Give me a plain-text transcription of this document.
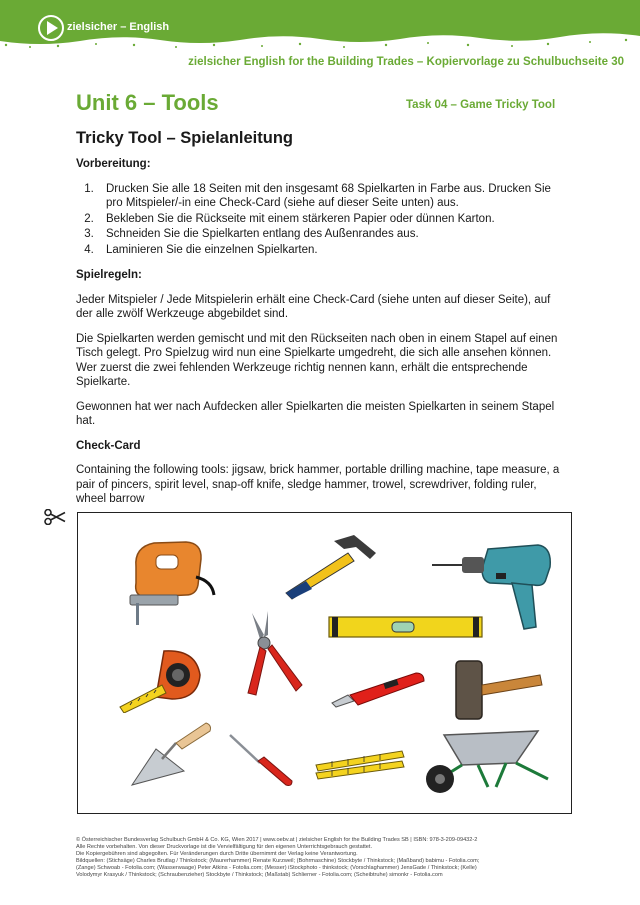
zielsicher – English
zielsicher English for the Building Trades – Kopiervorlage zu Schulbuchseite 30
Unit 6 – Tools	Task 04 – Game Tricky Tool
Tricky Tool – Spielanleitung
Vorbereitung:
1. Drucken Sie alle 18 Seiten mit den insgesamt 68 Spielkarten in Farbe aus. Drucken Sie pro Mitspieler/-in eine Check-Card (siehe auf dieser Seite unten) aus.
2. Bekleben Sie die Rückseite mit einem stärkeren Papier oder dünnen Karton.
3. Schneiden Sie die Spielkarten entlang des Außenrandes aus.
4. Laminieren Sie die einzelnen Spielkarten.
Spielregeln:

Jeder Mitspieler / Jede Mitspielerin erhält eine Check-Card (siehe unten auf dieser Seite), auf der alle zwölf Werkzeuge abgebildet sind.

Die Spielkarten werden gemischt und mit den Rückseiten nach oben in einem Stapel auf einen Tisch gelegt. Pro Spielzug wird nun eine Spielkarte umgedreht, die sich alle ansehen können. Wer zuerst die zwei fehlenden Werkzeuge richtig nennen kann, erhält die entsprechende Spielkarte.

Gewonnen hat wer nach Aufdecken aller Spielkarten die meisten Spielkarten in seinem Stapel hat.

Check-Card

Containing the following tools: jigsaw, brick hammer, portable drilling machine, tape measure, a pair of pincers, spirit level, snap-off knife, sledge hammer, trowel, screwdriver, folding ruler, wheel barrow

© Österreichischer Bundesverlag Schulbuch GmbH & Co. KG, Wien 2017 | www.oebv.at | zielsicher English for the Building Trades SB | ISBN: 978-3-209-09432-2
Alle Rechte vorbehalten. Von dieser Druckvorlage ist die Vervielfältigung für den eigenen Unterrichtsgebrauch gestattet.
Die Kopiergebühren sind abgegolten. Für Veränderungen durch Dritte übernimmt der Verlag keine Verantwortung.
Bildquellen: (Stichsäge) Charles Brutlag / Thinkstock; (Maurerhammer) Renate Kurzweil; (Bohrmaschine) Stockbyte / Thinkstock; (Maßband) babimu - Fotolia.com;
(Zange) Schwoab - Fotolia.com; (Wasserwaage) Peter Atkins - Fotolia.com; (Messer) iStockphoto - thinkstock; (Vorschlaghammer) JensGade / Thinkstock; (Kelle)
Volodymyr Krasyuk / Thinkstock; (Schraubenzieher) Stockbyte / Thinkstock; (Maßstab) Schlierner - Fotolia.com; (Scheibtruhe) simonkr - Fotolia.com
